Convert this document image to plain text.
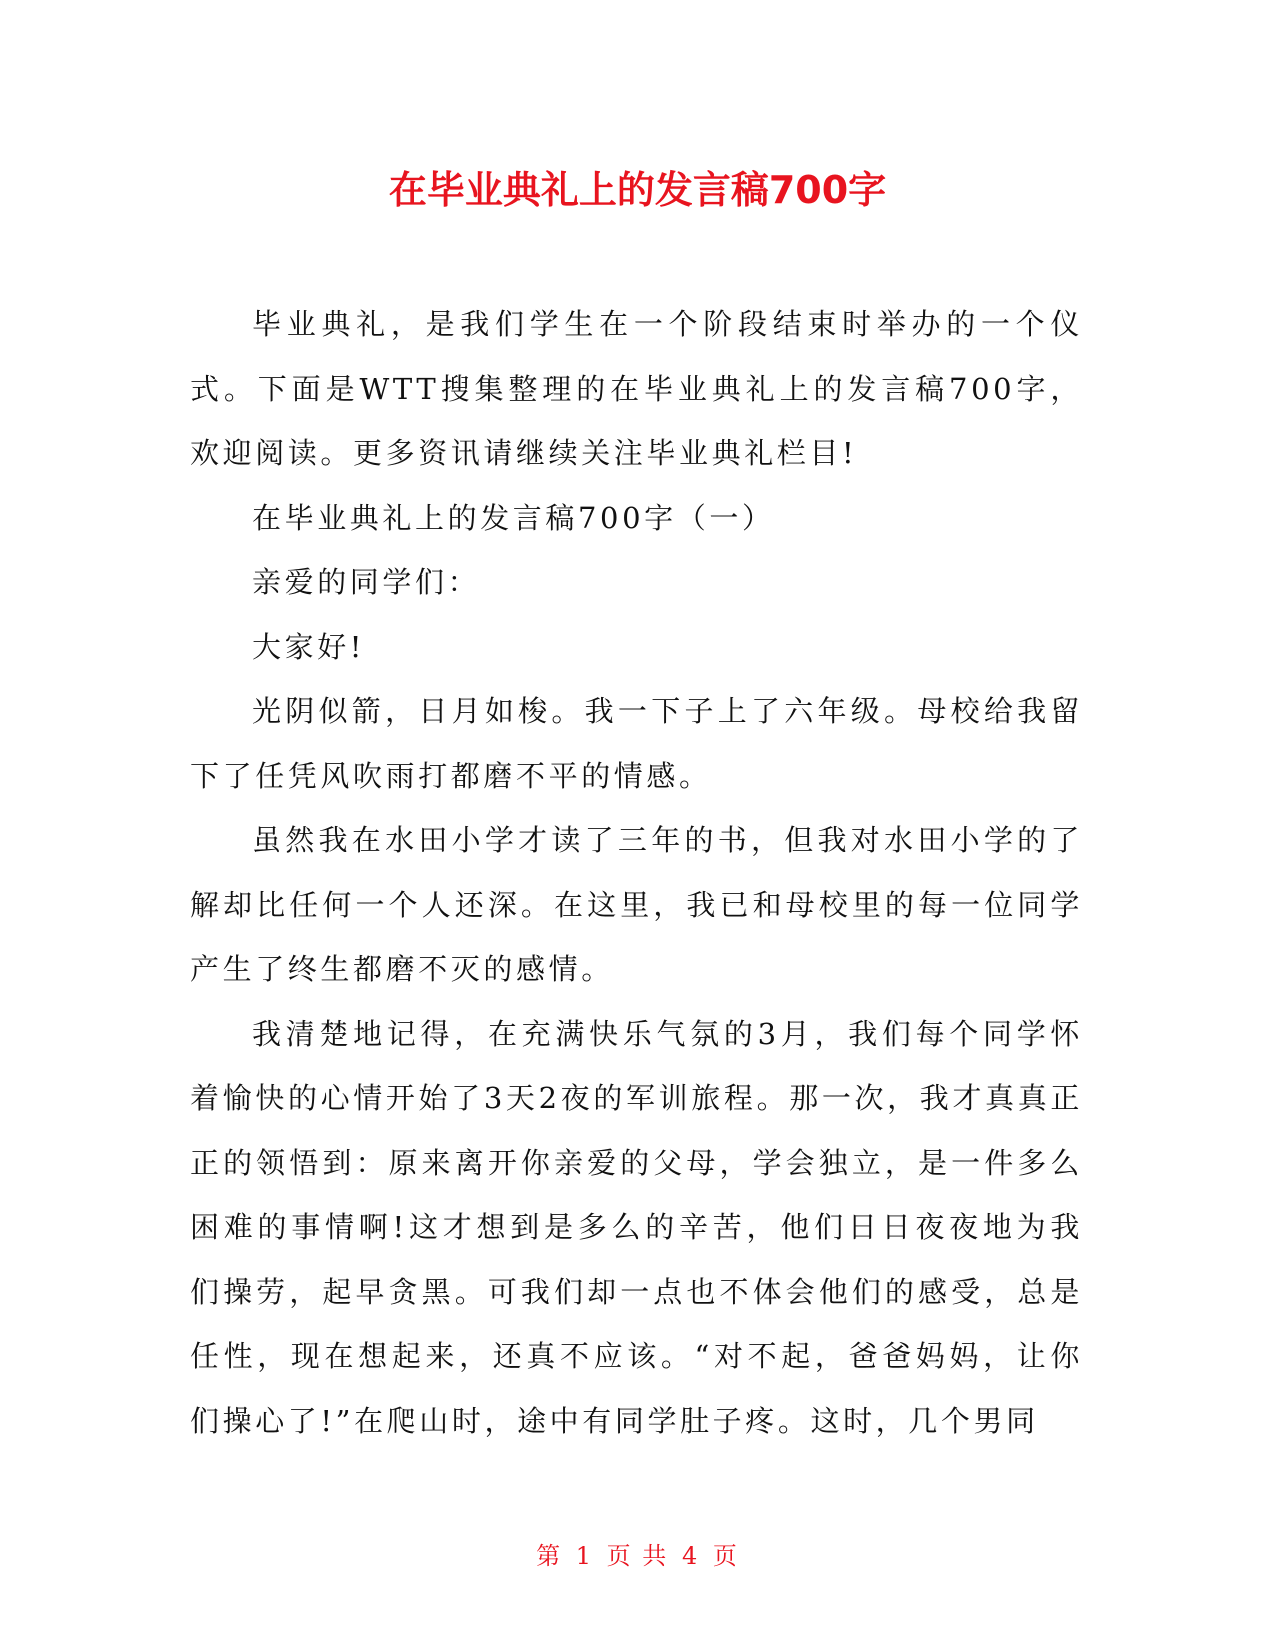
在毕业典礼上的发言稿700字

毕业典礼，是我们学生在一个阶段结束时举办的一个仪式。下面是WTT搜集整理的在毕业典礼上的发言稿700字，欢迎阅读。更多资讯请继续关注毕业典礼栏目!

在毕业典礼上的发言稿700字（一）

亲爱的同学们：

大家好!

光阴似箭，日月如梭。我一下子上了六年级。母校给我留下了任凭风吹雨打都磨不平的情感。

虽然我在水田小学才读了三年的书，但我对水田小学的了解却比任何一个人还深。在这里，我已和母校里的每一位同学产生了终生都磨不灭的感情。

我清楚地记得，在充满快乐气氛的3月，我们每个同学怀着愉快的心情开始了3天2夜的军训旅程。那一次，我才真真正正的领悟到：原来离开你亲爱的父母，学会独立，是一件多么困难的事情啊!这才想到是多么的辛苦，他们日日夜夜地为我们操劳，起早贪黑。可我们却一点也不体会他们的感受，总是任性，现在想起来，还真不应该。“对不起，爸爸妈妈，让你们操心了!”在爬山时，途中有同学肚子疼。这时，几个男同

第 1 页 共 4 页
